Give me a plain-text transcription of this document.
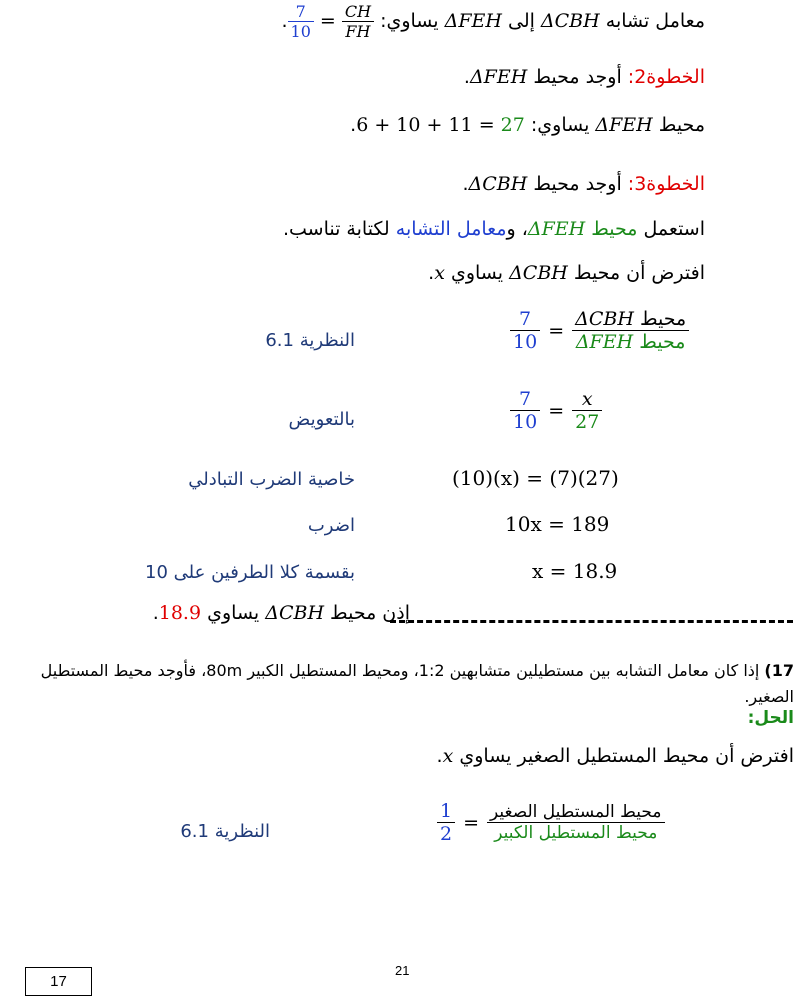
معامل تشابه ΔCBH إلى ΔFEH يساوي:
$\frac{CH}{FH}$
=
$\frac{7}{10}$
.
الخطوة2: أوجد محيط ΔFEH.
محيط ΔFEH يساوي: 27 = 11 + 10 + 6.
الخطوة3: أوجد محيط ΔCBH.
استعمل محيط ΔFEH، ومعامل التشابه لكتابة تناسب.
افترض أن محيط ΔCBH يساوي x.
$\frac{7}{10} = \frac{\text{محيط ΔCBH}}{\text{محيط ΔFEH}}$
النظرية 6.1
$\frac{7}{10} = \frac{x}{27}$
بالتعويض
(10)(x) = (7)(27)
خاصية الضرب التبادلي
10x = 189
اضرب
x = 18.9
بقسمة كلا الطرفين على 10
إذن محيط ΔCBH يساوي 18.9.
17) إذا كان معامل التشابه بين مستطيلين متشابهين 1:2، ومحيط المستطيل الكبير 80m، فأوجد محيط المستطيل الصغير.
الحل:
افترض أن محيط المستطيل الصغير يساوي x.
$\frac{1}{2} = \frac{\text{محيط المستطيل الصغير}}{\text{محيط المستطيل الكبير}}$
النظرية 6.1
21
17
